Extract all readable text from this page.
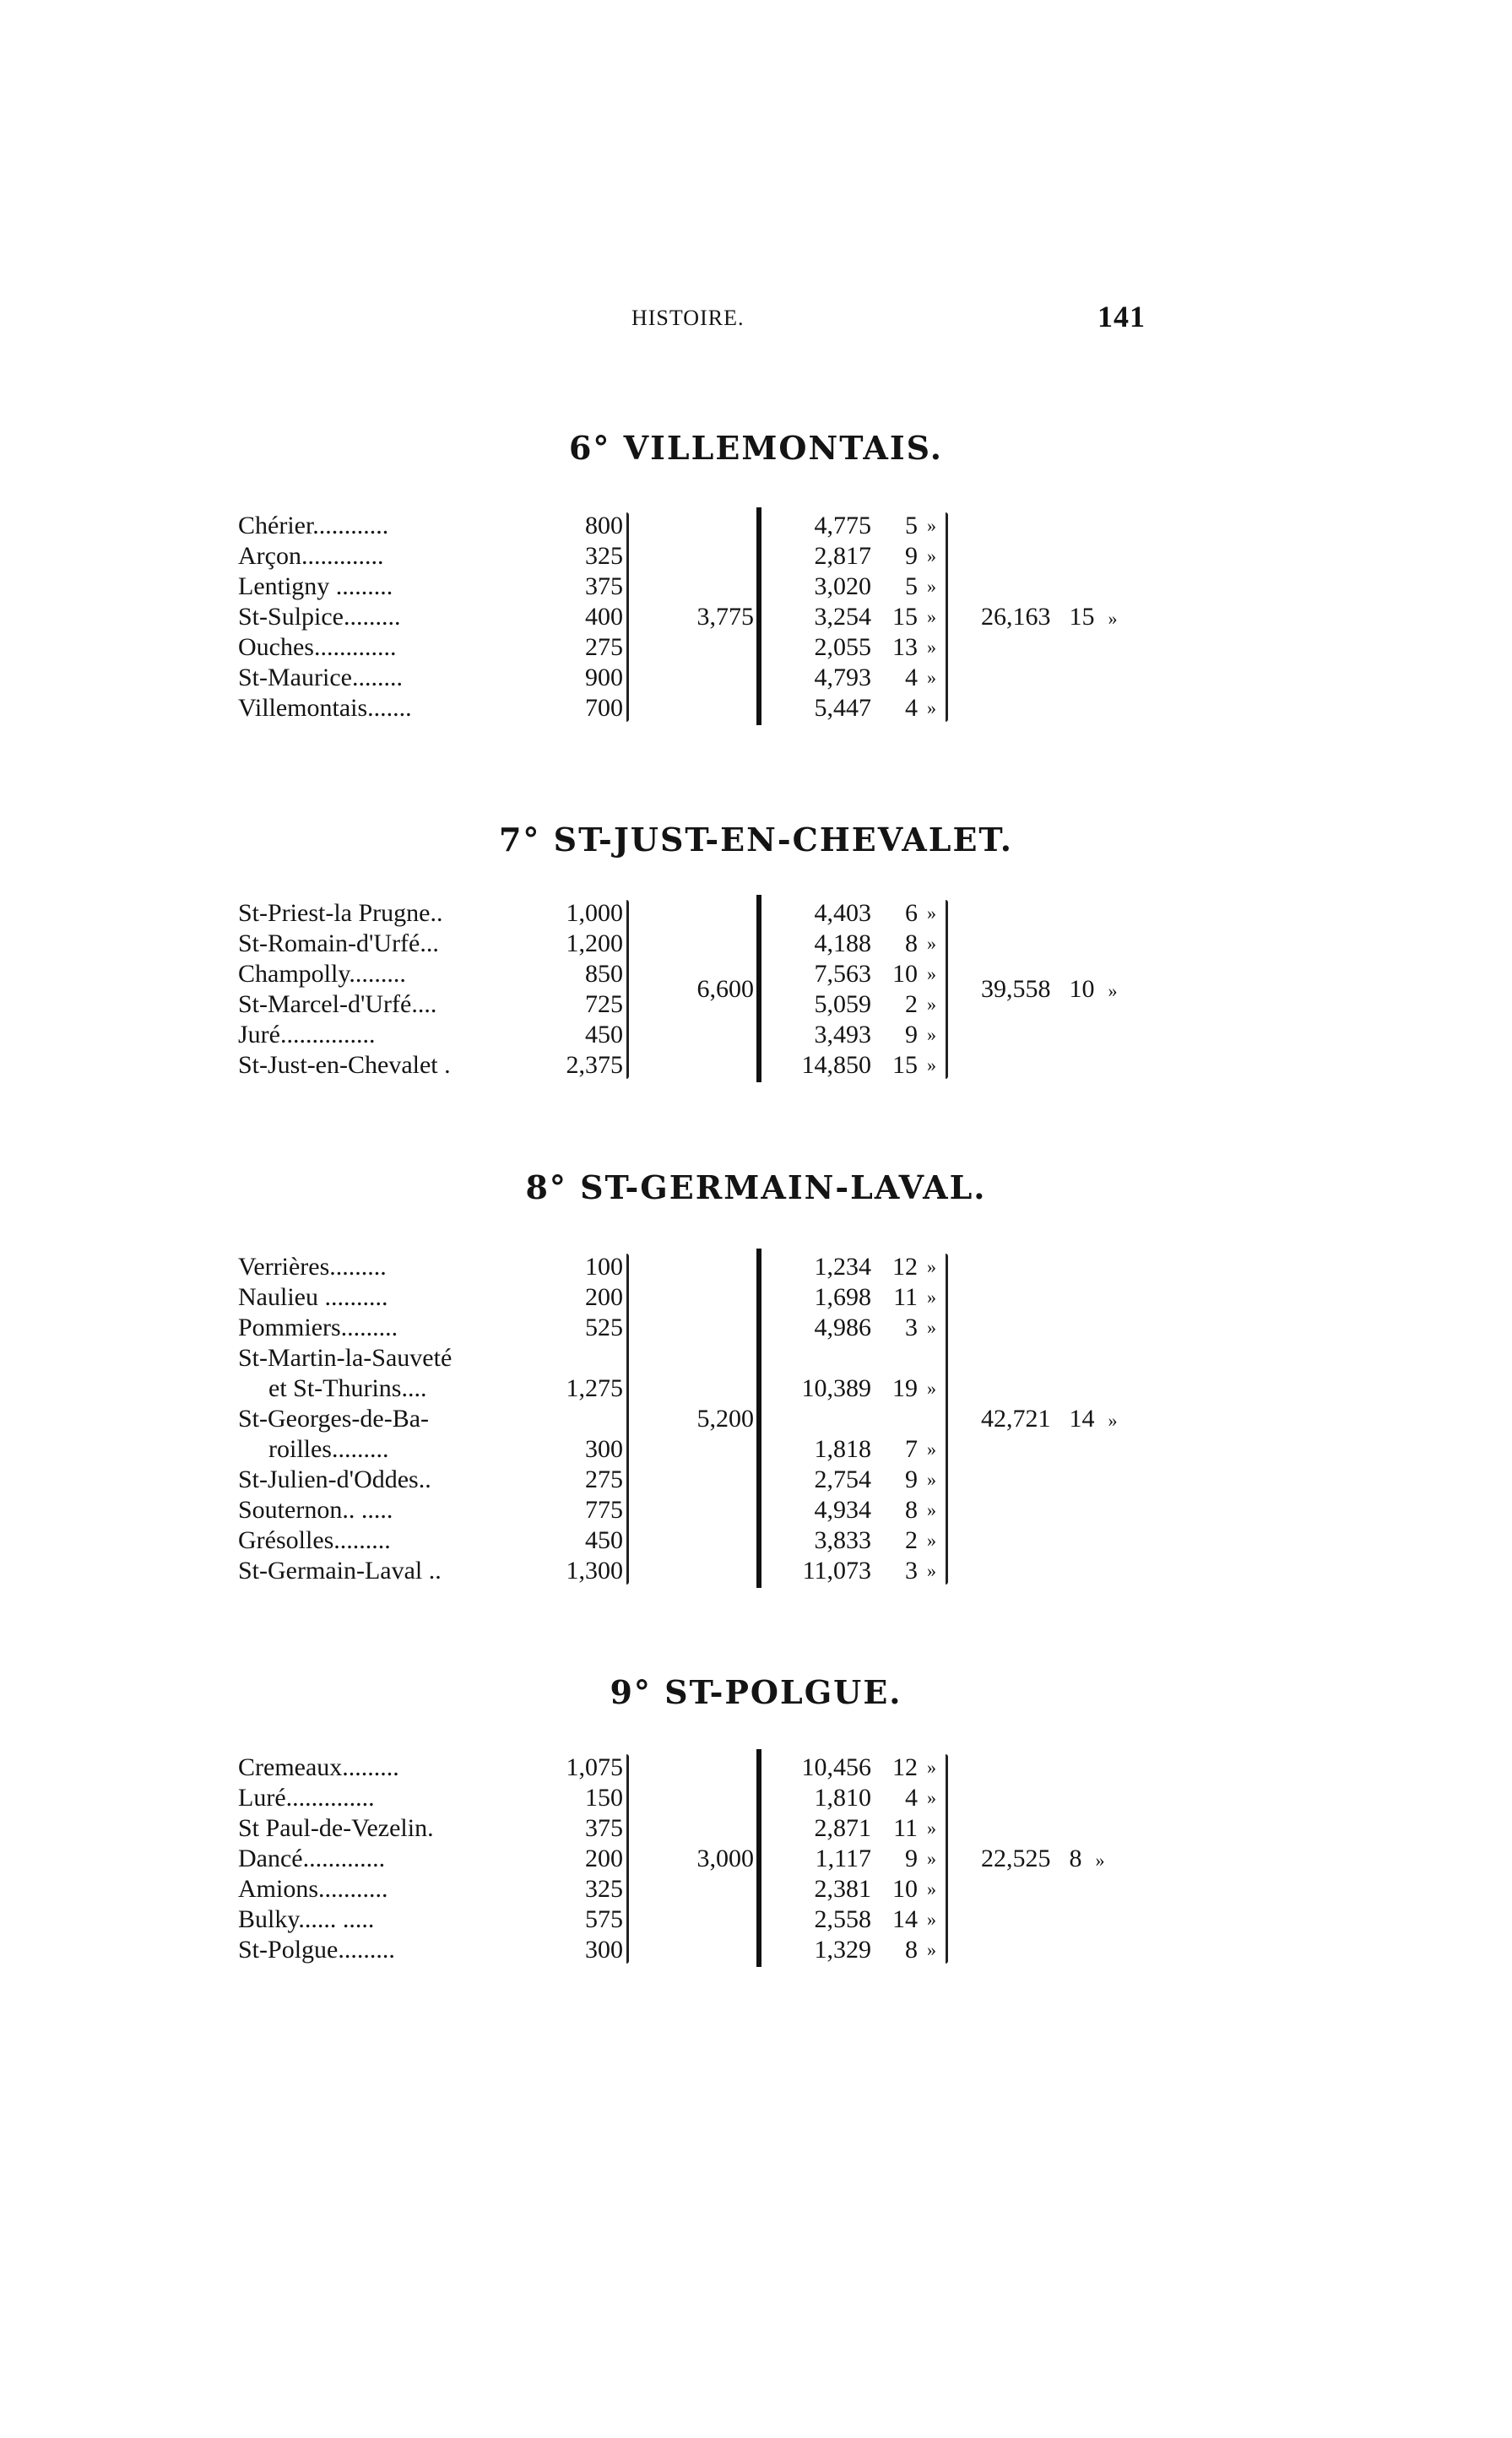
HISTOIRE.	141
6° VILLEMONTAIS.
Chérier............	800	4,775 5 »
Arçon.............	325	2,817 9 »
Lentigny .........	375	3,020 5 »
St-Sulpice.........	400	3,254 15 »
Ouches.............	275	2,055 13 »
St-Maurice........	900	4,793 4 »
Villemontais.......	700	5,447 4 »
3,775	26,163 15 »
7° ST-JUST-EN-CHEVALET.
St-Priest-la Prugne..	1,000	4,403 6 »
St-Romain-d'Urfé...	1,200	4,188 8 »
Champolly.........	850	7,563 10 »
St-Marcel-d'Urfé....	725	5,059 2 »
Juré...............	450	3,493 9 »
St-Just-en-Chevalet .	2,375	14,850 15 »
6,600	39,558 10 »
8° ST-GERMAIN-LAVAL.
Verrières.........	100	1,234 12 »
Naulieu ..........	200	1,698 11 »
Pommiers.........	525	4,986 3 »
St-Martin-la-Sauveté
et St-Thurins....	1,275	10,389 19 »
St-Georges-de-Ba-
roilles.........	300	1,818 7 »
St-Julien-d'Oddes..	275	2,754 9 »
Souternon.. .....	775	4,934 8 »
Grésolles.........	450	3,833 2 »
St-Germain-Laval ..	1,300	11,073 3 »
5,200	42,721 14 »
9° ST-POLGUE.
Cremeaux.........	1,075	10,456 12 »
Luré..............	150	1,810 4 »
St Paul-de-Vezelin.	375	2,871 11 »
Dancé.............	200	1,117 9 »
Amions...........	325	2,381 10 »
Bulky...... .....	575	2,558 14 »
St-Polgue.........	300	1,329 8 »
3,000	22,525 8 »
